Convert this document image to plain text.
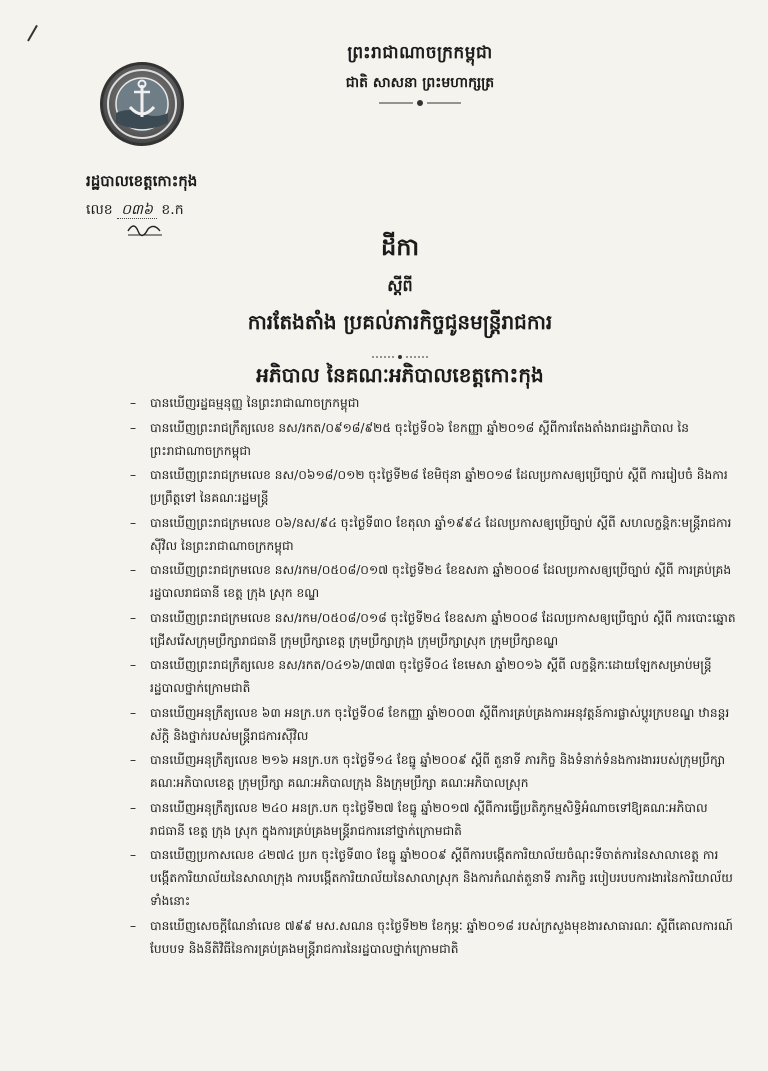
ព្រះរាជាណាចក្រកម្ពុជា
ជាតិ សាសនា ព្រះមហាក្សត្រ
រដ្ឋបាលខេត្តកោះកុង
លេខ ០៣៦ ខ.ក
ដីកា
ស្ដីពី
ការតែងតាំង ប្រគល់ភារកិច្ចជូនមន្ត្រីរាជការ
អភិបាល នៃគណៈអភិបាលខេត្តកោះកុង
– បានឃើញរដ្ឋធម្មនុញ្ញ នៃព្រះរាជាណាចក្រកម្ពុជា
– បានឃើញព្រះរាជក្រឹត្យលេខ នស/រកត/០៩១៨/៩២៥ ចុះថ្ងៃទី០៦ ខែកញ្ញា ឆ្នាំ២០១៨ ស្ដីពីការតែងតាំងរាជរដ្ឋាភិបាល នៃព្រះរាជាណាចក្រកម្ពុជា
– បានឃើញព្រះរាជក្រមលេខ នស/០៦១៨/០១២ ចុះថ្ងៃទី២៨ ខែមិថុនា ឆ្នាំ២០១៨ ដែលប្រកាសឲ្យប្រើច្បាប់ ស្ដីពី ការរៀបចំ និងការប្រព្រឹត្តទៅ នៃគណៈរដ្ឋមន្ត្រី
– បានឃើញព្រះរាជក្រមលេខ ០៦/នស/៩៤ ចុះថ្ងៃទី៣០ ខែតុលា ឆ្នាំ១៩៩៤ ដែលប្រកាសឲ្យប្រើច្បាប់ ស្ដីពី សហលក្ខន្តិកៈមន្ត្រីរាជការស៊ីវិល នៃព្រះរាជាណាចក្រកម្ពុជា
– បានឃើញព្រះរាជក្រមលេខ នស/រកម/០៥០៨/០១៧ ចុះថ្ងៃទី២៤ ខែឧសភា ឆ្នាំ២០០៨ ដែលប្រកាសឲ្យប្រើច្បាប់ ស្ដីពី ការគ្រប់គ្រងរដ្ឋបាលរាជធានី ខេត្ត ក្រុង ស្រុក ខណ្ឌ
– បានឃើញព្រះរាជក្រមលេខ នស/រកម/០៥០៨/០១៨ ចុះថ្ងៃទី២៤ ខែឧសភា ឆ្នាំ២០០៨ ដែលប្រកាសឲ្យប្រើច្បាប់ ស្ដីពី ការបោះឆ្នោតជ្រើសរើសក្រុមប្រឹក្សារាជធានី ក្រុមប្រឹក្សាខេត្ត ក្រុមប្រឹក្សាក្រុង ក្រុមប្រឹក្សាស្រុក ក្រុមប្រឹក្សាខណ្ឌ
– បានឃើញព្រះរាជក្រឹត្យលេខ នស/រកត/០៤១៦/៣៧៣ ចុះថ្ងៃទី០៤ ខែមេសា ឆ្នាំ២០១៦ ស្ដីពី លក្ខន្តិកៈដោយឡែកសម្រាប់មន្ត្រីរដ្ឋបាលថ្នាក់ក្រោមជាតិ
– បានឃើញអនុក្រឹត្យលេខ ៦៣ អនក្រ.បក ចុះថ្ងៃទី០៨ ខែកញ្ញា ឆ្នាំ២០០៣ ស្ដីពីការគ្រប់គ្រងការអនុវត្តន៍ការផ្លាស់ប្ដូរក្របខណ្ឌ ឋានន្តរស័ក្តិ និងថ្នាក់របស់មន្ត្រីរាជការស៊ីវិល
– បានឃើញអនុក្រឹត្យលេខ ២១៦ អនក្រ.បក ចុះថ្ងៃទី១៤ ខែធ្នូ ឆ្នាំ២០០៩ ស្ដីពី តួនាទី ភារកិច្ច និងទំនាក់ទំនងការងាររបស់ក្រុមប្រឹក្សា គណៈអភិបាលខេត្ត ក្រុមប្រឹក្សា គណៈអភិបាលក្រុង និងក្រុមប្រឹក្សា គណៈអភិបាលស្រុក
– បានឃើញអនុក្រឹត្យលេខ ២៤០ អនក្រ.បក ចុះថ្ងៃទី២៧ ខែធ្នូ ឆ្នាំ២០១៧ ស្ដីពីការធ្វើប្រតិភូកម្មសិទ្ធិអំណាចទៅឱ្យគណៈអភិបាលរាជធានី ខេត្ត ក្រុង ស្រុក ក្នុងការគ្រប់គ្រងមន្ត្រីរាជការនៅថ្នាក់ក្រោមជាតិ
– បានឃើញប្រកាសលេខ ៤២៧៤ ប្រក ចុះថ្ងៃទី៣០ ខែធ្នូ ឆ្នាំ២០០៩ ស្ដីពីការបង្កើតការិយាល័យចំណុះទីចាត់ការនៃសាលាខេត្ត ការបង្កើតការិយាល័យនៃសាលាក្រុង ការបង្កើតការិយាល័យនៃសាលាស្រុក និងការកំណត់តួនាទី ភារកិច្ច របៀបរបបការងារនៃការិយាល័យទាំងនោះ
– បានឃើញសេចក្ដីណែនាំលេខ ៧៩៩ មស.សណន ចុះថ្ងៃទី២២ ខែកុម្ភៈ ឆ្នាំ២០១៨ របស់ក្រសួងមុខងារសាធារណៈ ស្ដីពីគោលការណ៍ បែបបទ និងនីតិវិធីនៃការគ្រប់គ្រងមន្ត្រីរាជការនៃរដ្ឋបាលថ្នាក់ក្រោមជាតិ
